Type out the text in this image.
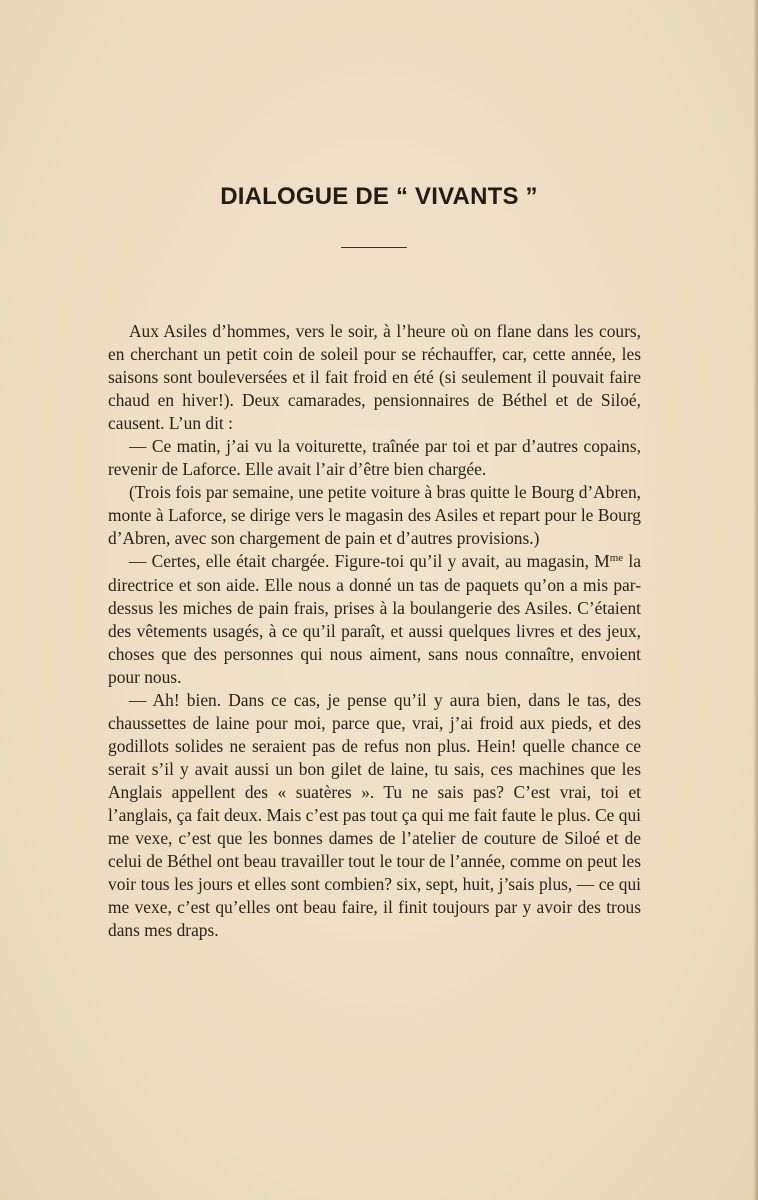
DIALOGUE DE “ VIVANTS ”

Aux Asiles d’hommes, vers le soir, à l’heure où on flane dans les cours, en cherchant un petit coin de soleil pour se réchauffer, car, cette année, les saisons sont bouleversées et il fait froid en été (si seulement il pouvait faire chaud en hiver!). Deux camarades, pensionnaires de Béthel et de Siloé, causent. L’un dit :

— Ce matin, j’ai vu la voiturette, traînée par toi et par d’autres copains, revenir de Laforce. Elle avait l’air d’être bien chargée.

(Trois fois par semaine, une petite voiture à bras quitte le Bourg d’Abren, monte à Laforce, se dirige vers le magasin des Asiles et repart pour le Bourg d’Abren, avec son chargement de pain et d’autres provisions.)

— Certes, elle était chargée. Figure-toi qu’il y avait, au magasin, $M^{me}$ la directrice et son aide. Elle nous a donné un tas de paquets qu’on a mis par-dessus les miches de pain frais, prises à la boulangerie des Asiles. C’étaient des vêtements usagés, à ce qu’il paraît, et aussi quelques livres et des jeux, choses que des personnes qui nous aiment, sans nous connaître, envoient pour nous.

— Ah! bien. Dans ce cas, je pense qu’il y aura bien, dans le tas, des chaussettes de laine pour moi, parce que, vrai, j’ai froid aux pieds, et des godillots solides ne seraient pas de refus non plus. Hein! quelle chance ce serait s’il y avait aussi un bon gilet de laine, tu sais, ces machines que les Anglais appellent des « suatères ». Tu ne sais pas? C’est vrai, toi et l’anglais, ça fait deux. Mais c’est pas tout ça qui me fait faute le plus. Ce qui me vexe, c’est que les bonnes dames de l’atelier de couture de Siloé et de celui de Béthel ont beau travailler tout le tour de l’année, comme on peut les voir tous les jours et elles sont combien? six, sept, huit, j’sais plus, — ce qui me vexe, c’est qu’elles ont beau faire, il finit toujours par y avoir des trous dans mes draps.
